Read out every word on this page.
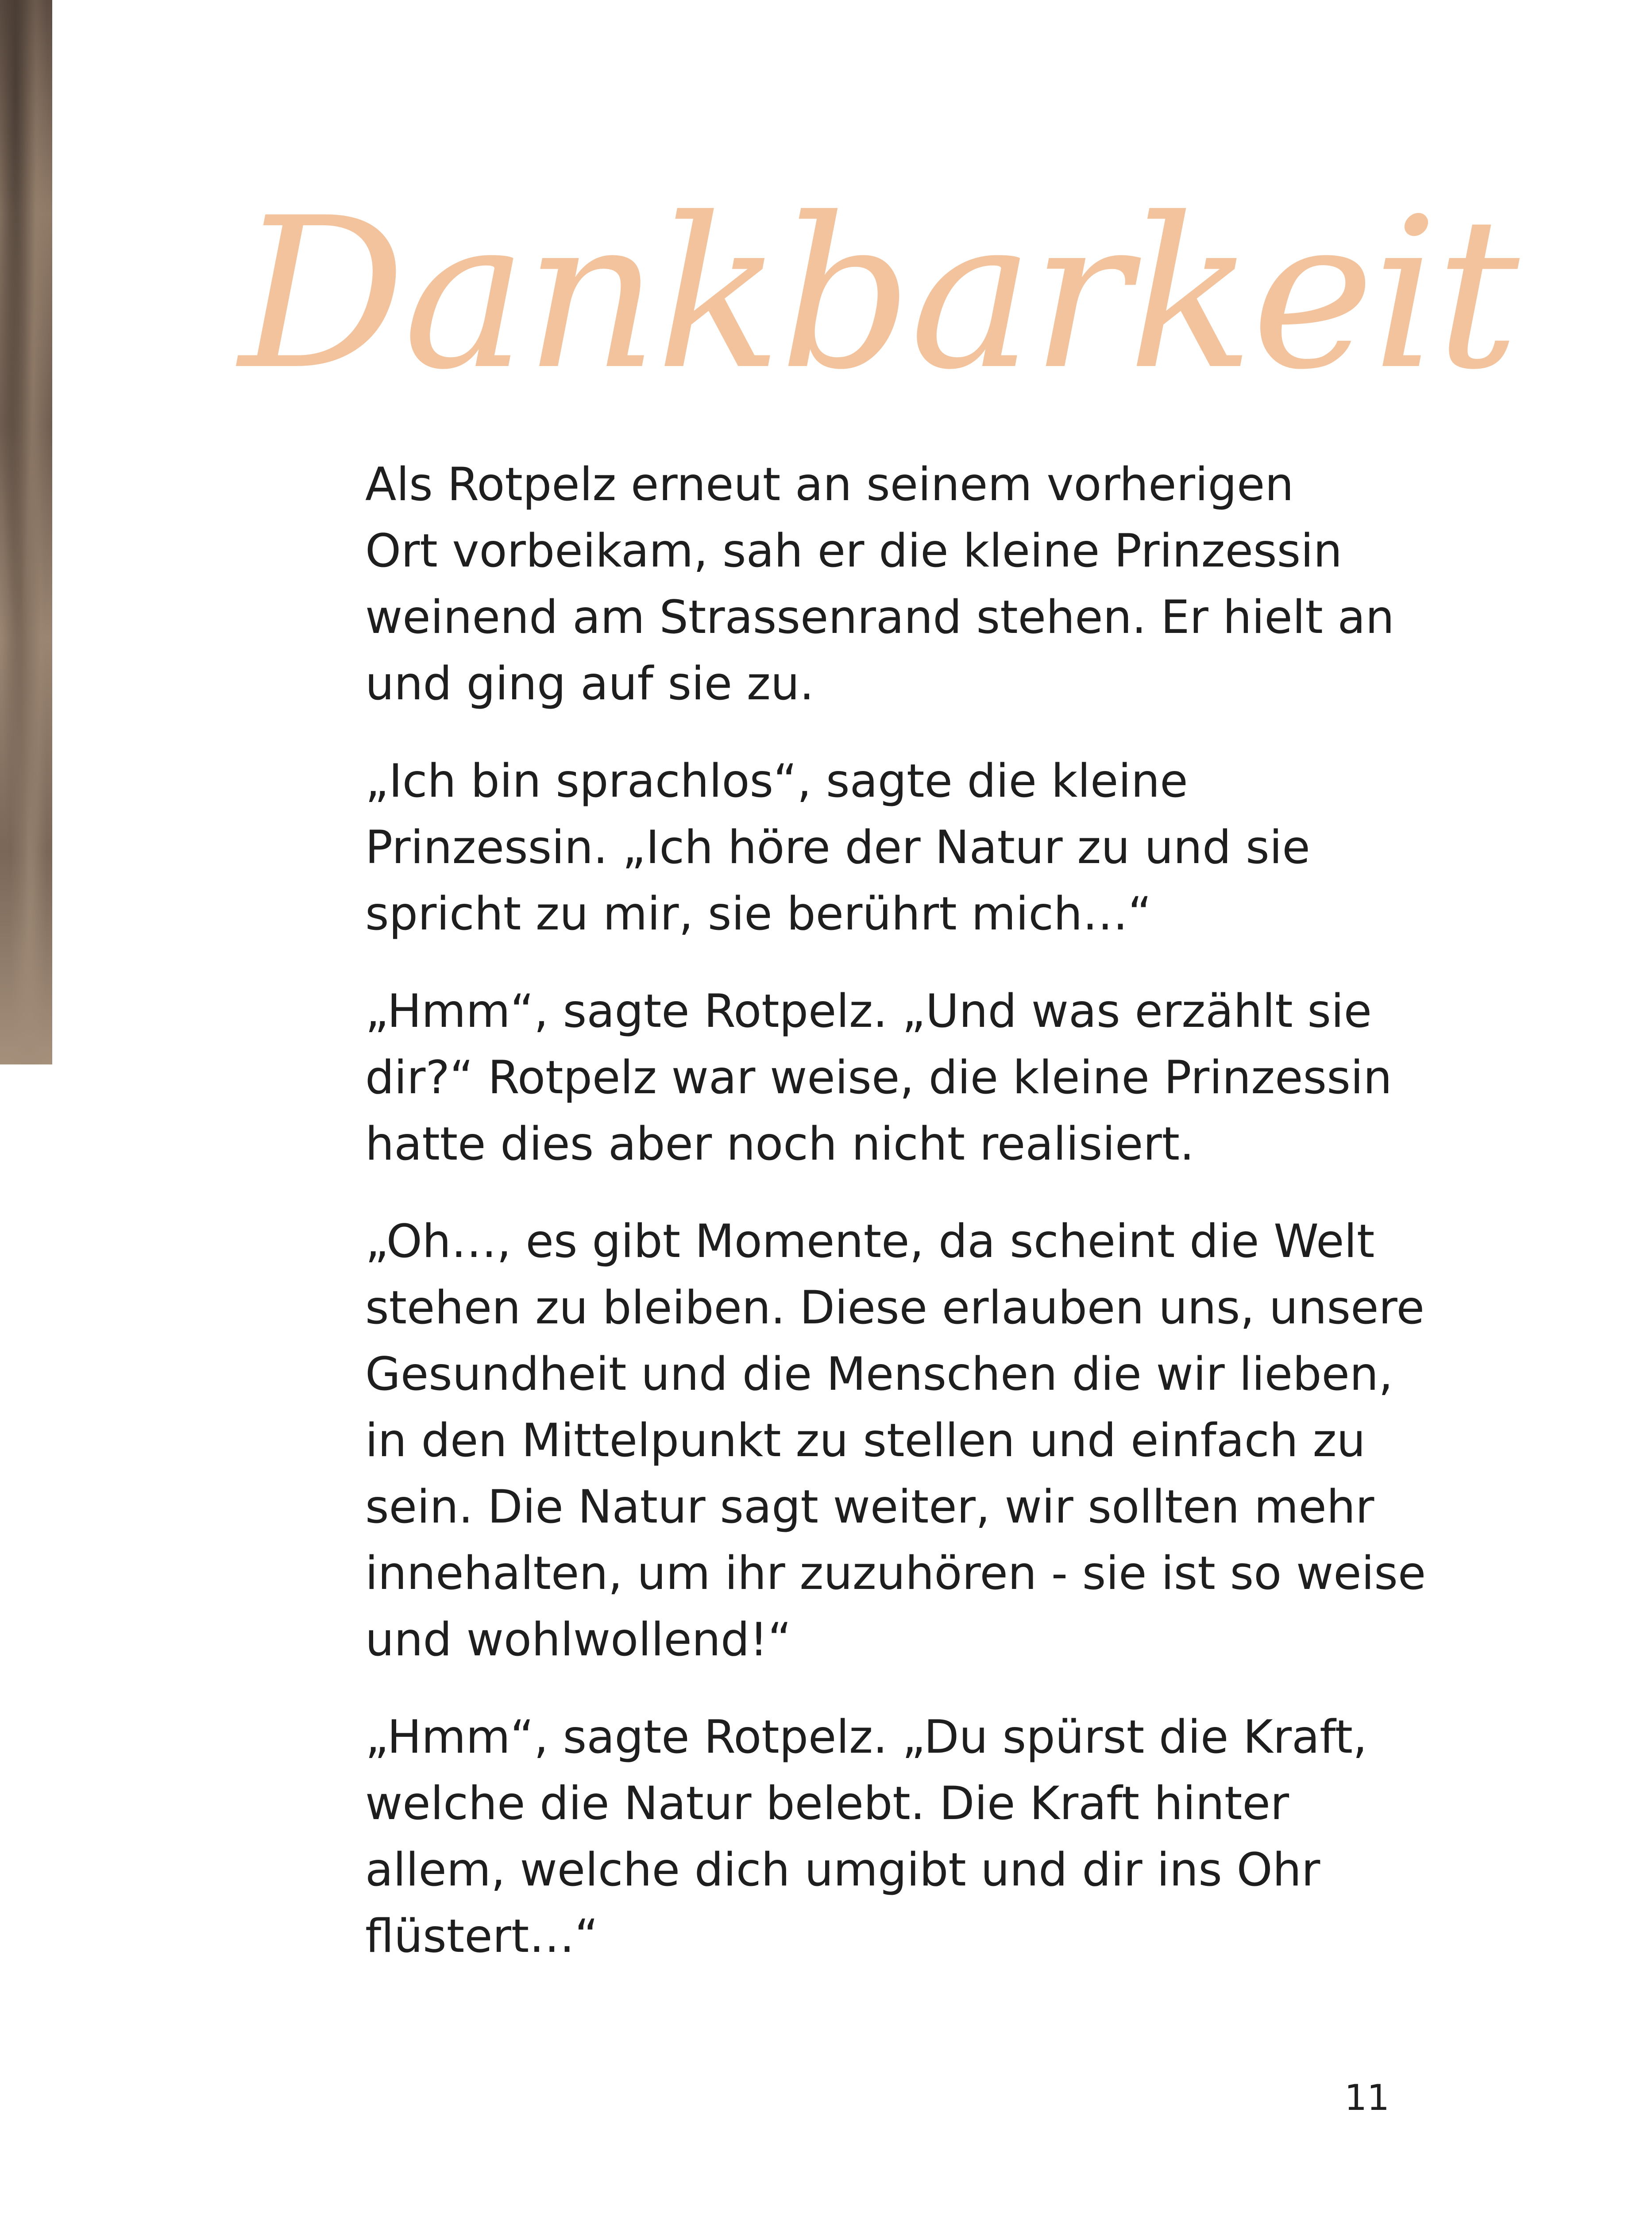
Dankbarkeit

Als Rotpelz erneut an seinem vorherigen
Ort vorbeikam, sah er die kleine Prinzessin
weinend am Strassenrand stehen. Er hielt an
und ging auf sie zu.

„Ich bin sprachlos“, sagte die kleine
Prinzessin. „Ich höre der Natur zu und sie
spricht zu mir, sie berührt mich…“

„Hmm“, sagte Rotpelz. „Und was erzählt sie
dir?“ Rotpelz war weise, die kleine Prinzessin
hatte dies aber noch nicht realisiert.

„Oh…, es gibt Momente, da scheint die Welt
stehen zu bleiben. Diese erlauben uns, unsere
Gesundheit und die Menschen die wir lieben,
in den Mittelpunkt zu stellen und einfach zu
sein. Die Natur sagt weiter, wir sollten mehr
innehalten, um ihr zuzuhören - sie ist so weise
und wohlwollend!“

„Hmm“, sagte Rotpelz. „Du spürst die Kraft,
welche die Natur belebt. Die Kraft hinter
allem, welche dich umgibt und dir ins Ohr
flüstert…“

11
